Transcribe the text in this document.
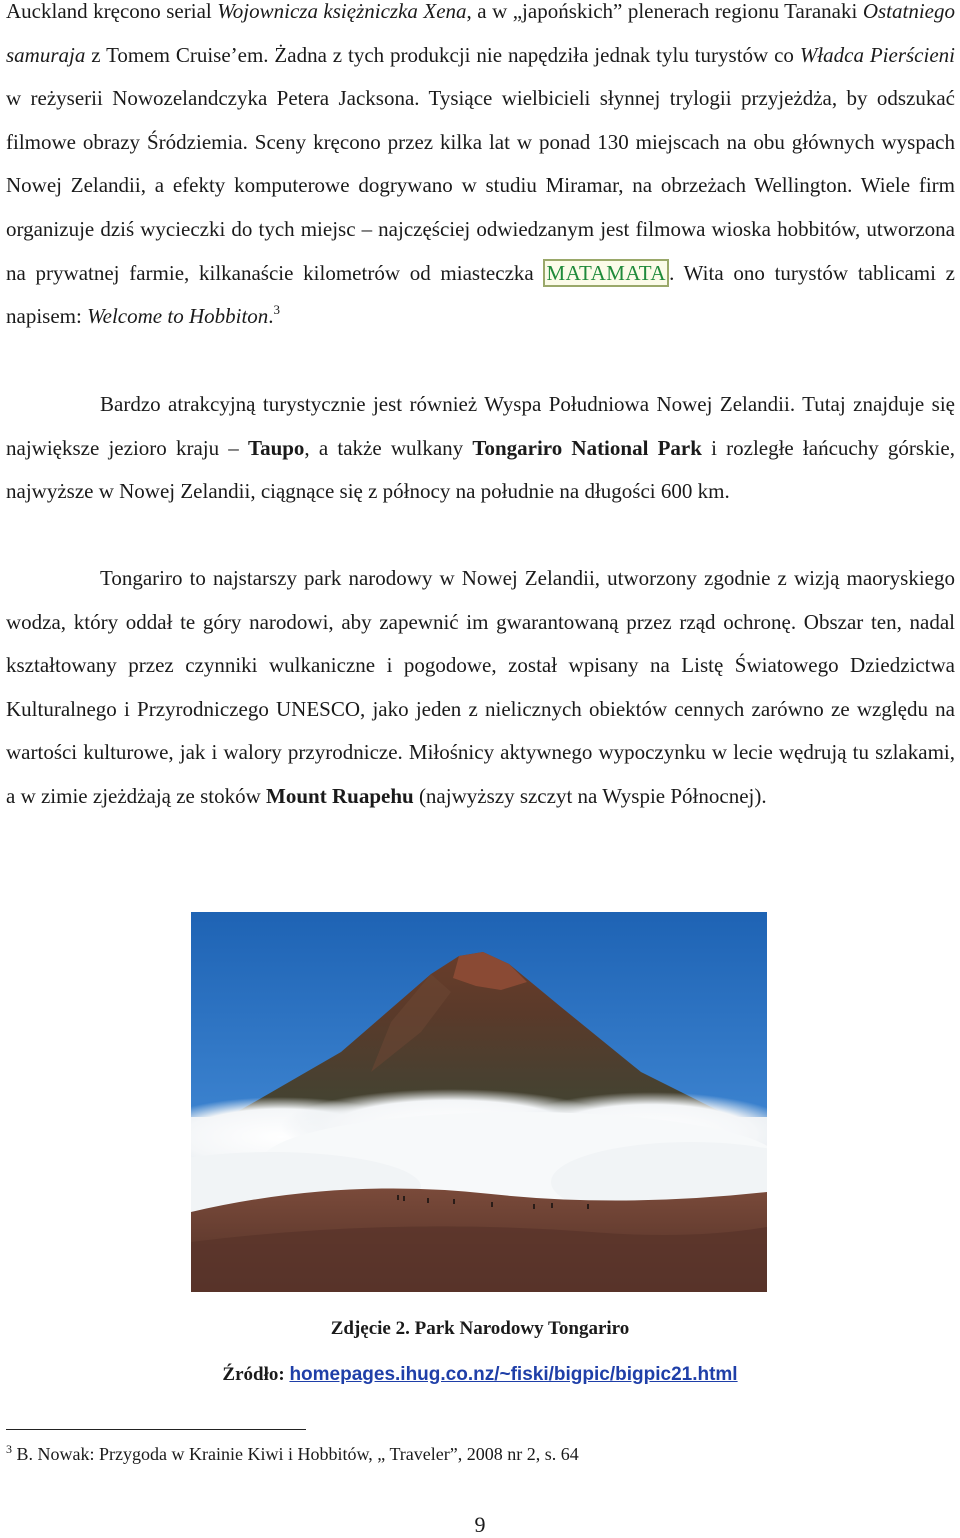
Auckland kręcono serial Wojownicza księżniczka Xena, a w „japońskich” plenerach regionu Taranaki Ostatniego samuraja z Tomem Cruise’em. Żadna z tych produkcji nie napędziła jednak tylu turystów co Władca Pierścieni w reżyserii Nowozelandczyka Petera Jacksona. Tysiące wielbicieli słynnej trylogii przyjeżdża, by odszukać filmowe obrazy Śródziemia. Sceny kręcono przez kilka lat w ponad 130 miejscach na obu głównych wyspach Nowej Zelandii, a efekty komputerowe dogrywano w studiu Miramar, na obrzeżach Wellington. Wiele firm organizuje dziś wycieczki do tych miejsc – najczęściej odwiedzanym jest filmowa wioska hobbitów, utworzona na prywatnej farmie, kilkanaście kilometrów od miasteczka MATAMATA . Wita ono turystów tablicami z napisem: Welcome to Hobbiton.$^3$

Bardzo atrakcyjną turystycznie jest również Wyspa Południowa Nowej Zelandii. Tutaj znajduje się największe jezioro kraju – Taupo, a także wulkany Tongariro National Park i rozległe łańcuchy górskie, najwyższe w Nowej Zelandii, ciągnące się z północy na południe na długości 600 km.

Tongariro to najstarszy park narodowy w Nowej Zelandii, utworzony zgodnie z wizją maoryskiego wodza, który oddał te góry narodowi, aby zapewnić im gwarantowaną przez rząd ochronę. Obszar ten, nadal kształtowany przez czynniki wulkaniczne i pogodowe, został wpisany na Listę Światowego Dziedzictwa Kulturalnego i Przyrodniczego UNESCO, jako jeden z nielicznych obiektów cennych zarówno ze względu na wartości kulturowe, jak i walory przyrodnicze. Miłośnicy aktywnego wypoczynku w lecie wędrują tu szlakami, a w zimie zjeżdżają ze stoków Mount Ruapehu (najwyższy szczyt na Wyspie Północnej).

Zdjęcie 2. Park Narodowy Tongariro
Źródło: homepages.ihug.co.nz/~fiski/bigpic/bigpic21.html
$^3$ B. Nowak: Przygoda w Krainie Kiwi i Hobbitów, „ Traveler”, 2008 nr 2, s. 64
9
